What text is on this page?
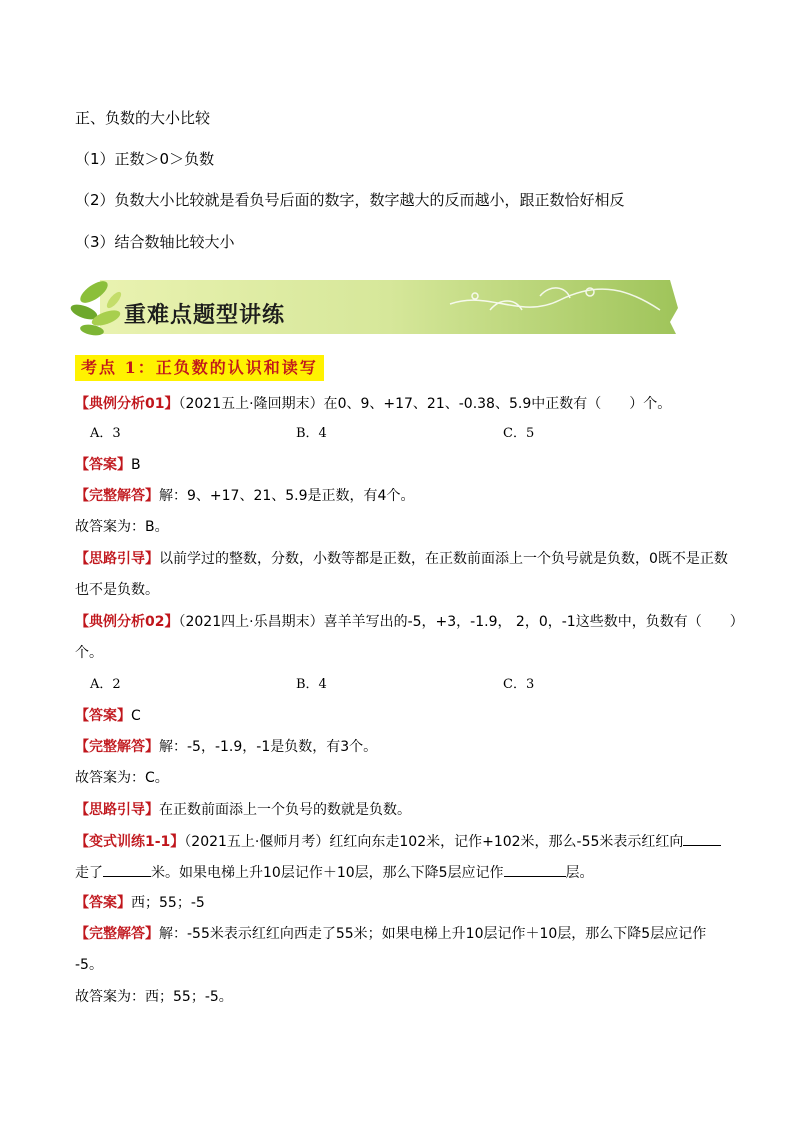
正、负数的大小比较
（1）正数＞0＞负数
（2）负数大小比较就是看负号后面的数字，数字越大的反而越小，跟正数恰好相反
（3）结合数轴比较大小
重难点题型讲练
考点 1：正负数的认识和读写
【典例分析01】（2021五上·隆回期末）在0、9、+17、21、-0.38、5.9中正数有（　　）个。
A．3	B．4	C．5
【答案】B
【完整解答】解：9、+17、21、5.9是正数，有4个。
故答案为：B。
【思路引导】以前学过的整数，分数，小数等都是正数，在正数前面添上一个负号就是负数，0既不是正数
也不是负数。
【典例分析02】（2021四上·乐昌期末）喜羊羊写出的-5，+3，-1.9， 2，0，-1这些数中，负数有（　　）
个。
A．2	B．4	C．3
【答案】C
【完整解答】解：-5，-1.9，-1是负数，有3个。
故答案为：C。
【思路引导】在正数前面添上一个负号的数就是负数。
【变式训练1-1】（2021五上·偃师月考）红红向东走102米，记作+102米，那么-55米表示红红向
走了	米。如果电梯上升10层记作＋10层，那么下降5层应记作	层。
【答案】西；55；-5
【完整解答】解：-55米表示红红向西走了55米；如果电梯上升10层记作＋10层，那么下降5层应记作
-5。
故答案为：西；55；-5。
